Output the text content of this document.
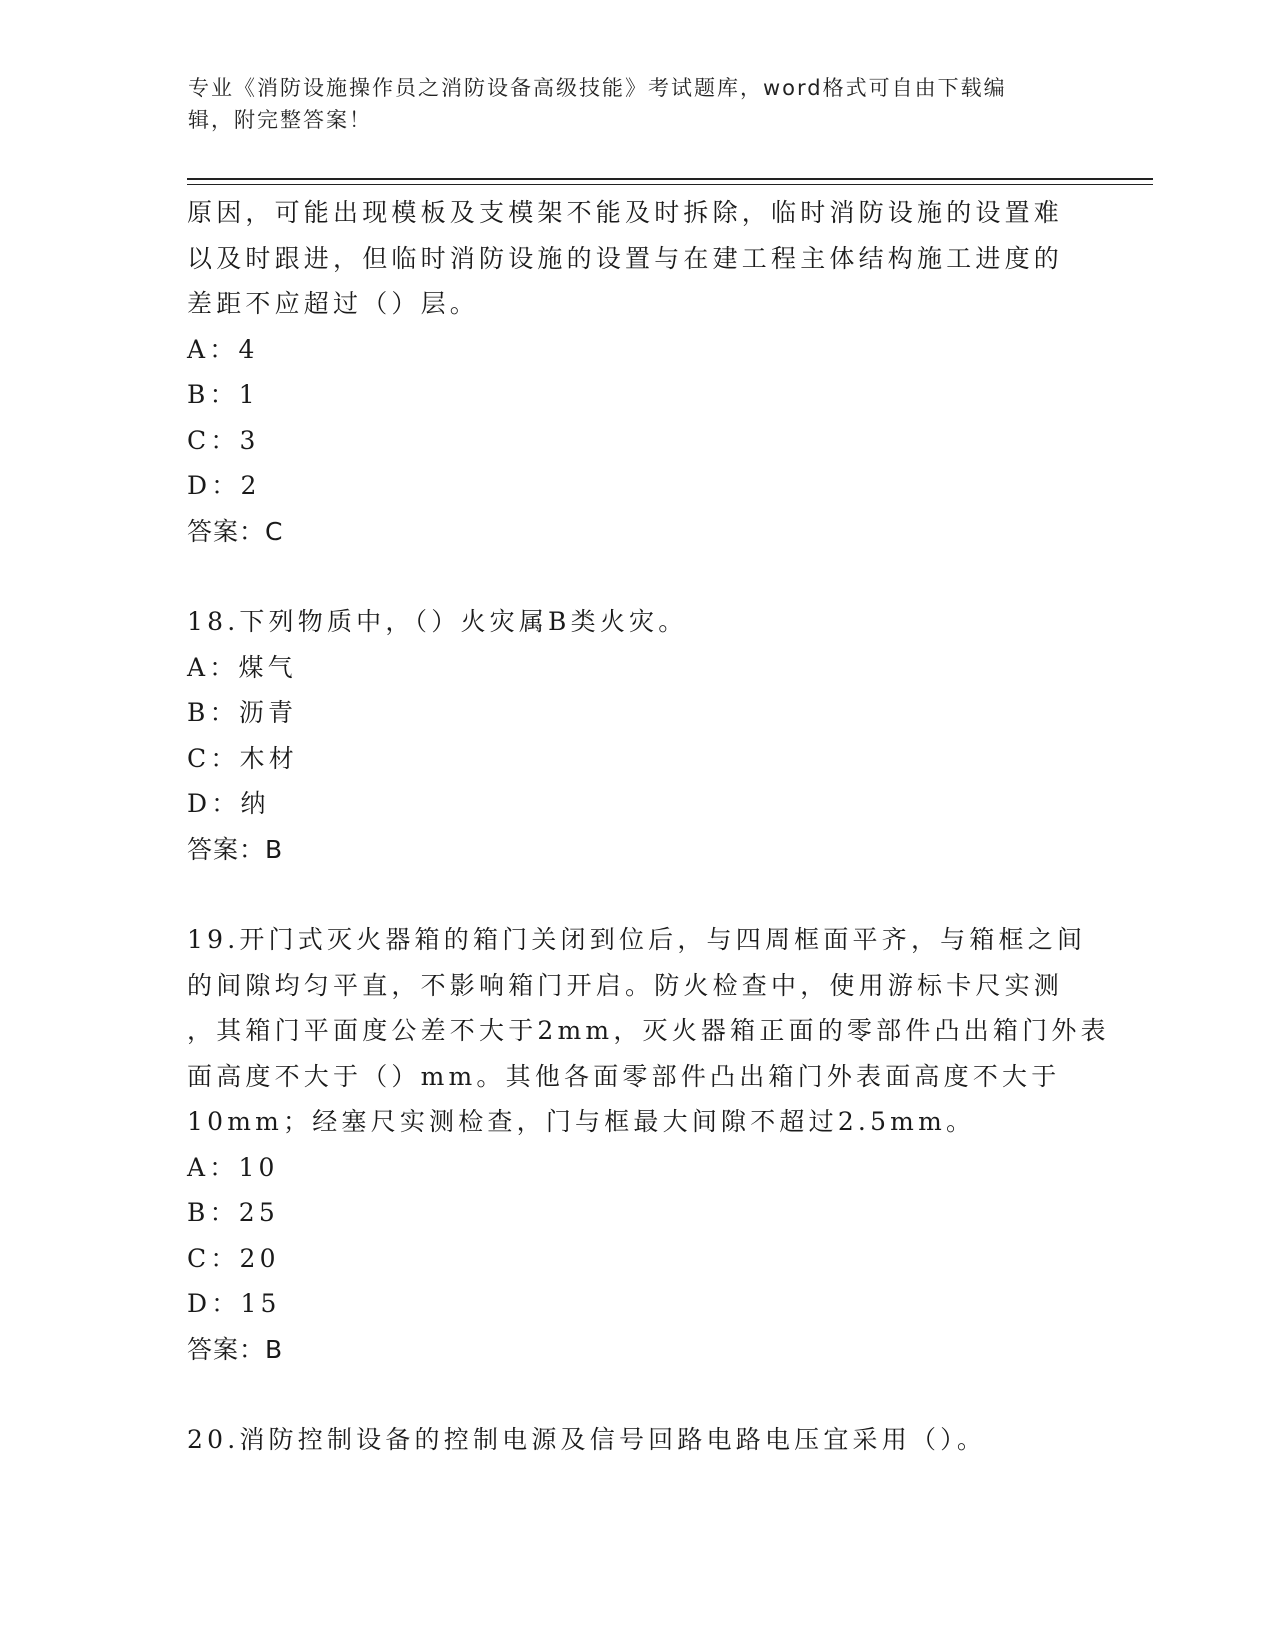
专业《消防设施操作员之消防设备高级技能》考试题库，word格式可自由下载编
辑，附完整答案！
原因，可能出现模板及支模架不能及时拆除，临时消防设施的设置难
以及时跟进，但临时消防设施的设置与在建工程主体结构施工进度的
差距不应超过（）层。
A：4
B：1
C：3
D：2
答案：C
18.下列物质中，（）火灾属B类火灾。
A：煤气
B：沥青
C：木材
D：纳
答案：B
19.开门式灭火器箱的箱门关闭到位后，与四周框面平齐，与箱框之间
的间隙均匀平直，不影响箱门开启。防火检查中，使用游标卡尺实测
，其箱门平面度公差不大于2mm，灭火器箱正面的零部件凸出箱门外表
面高度不大于（）mm。其他各面零部件凸出箱门外表面高度不大于
10mm；经塞尺实测检查，门与框最大间隙不超过2.5mm。
A：10
B：25
C：20
D：15
答案：B
20.消防控制设备的控制电源及信号回路电路电压宜采用（）。
